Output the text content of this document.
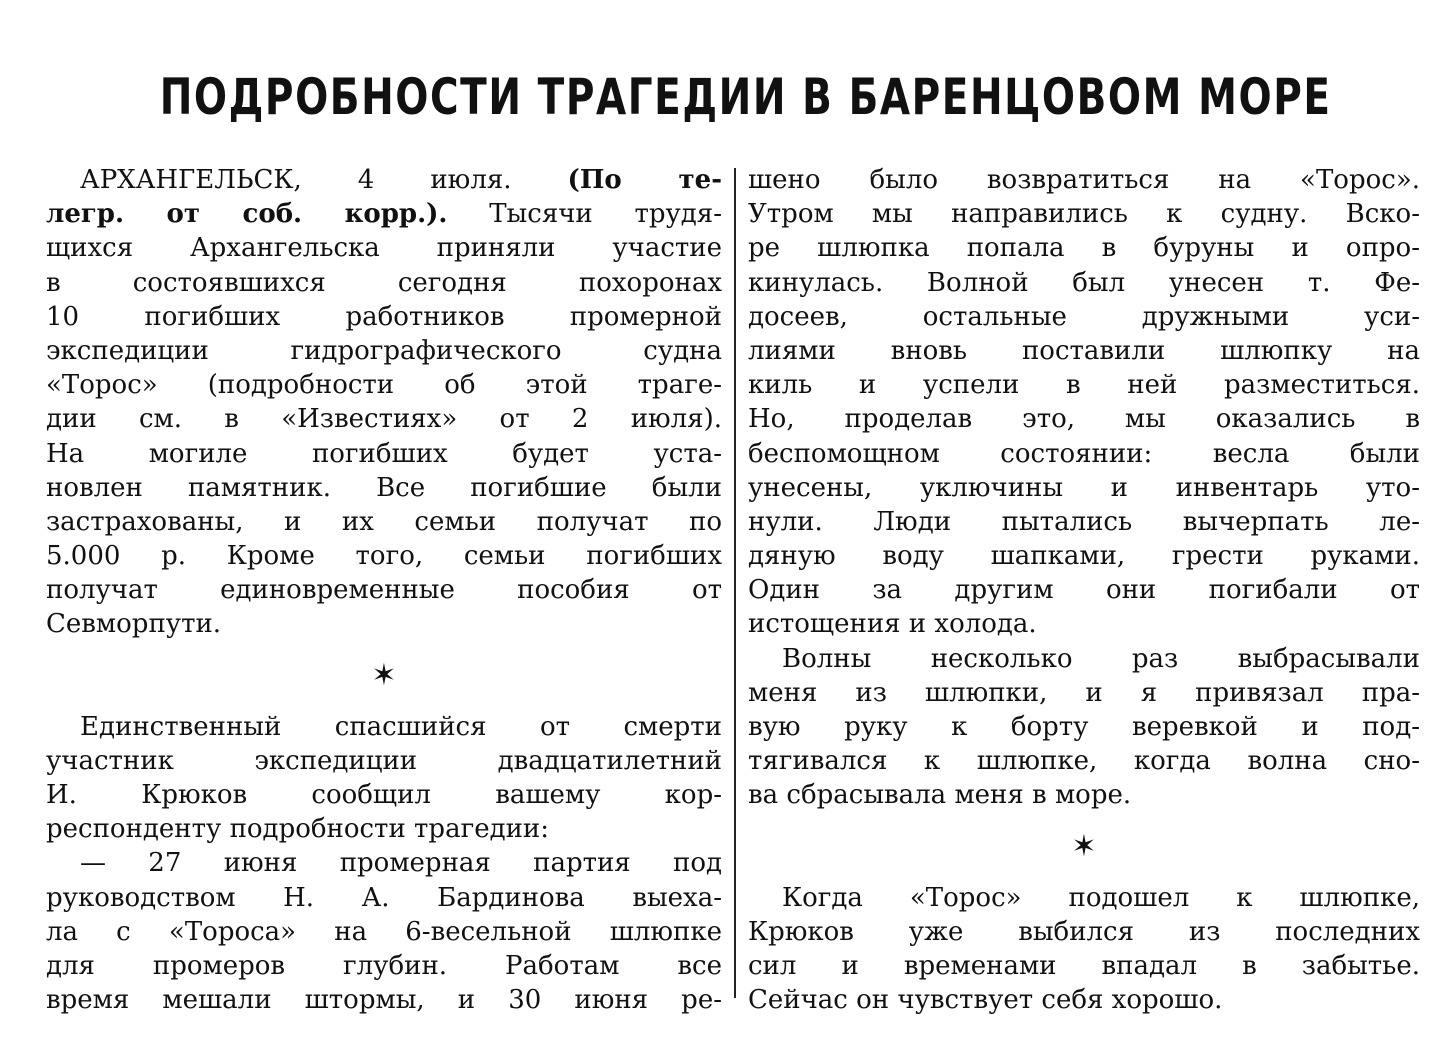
ПОДРОБНОСТИ ТРАГЕДИИ В БАРЕНЦОВОМ МОРЕ
АРХАНГЕЛЬСК, 4 июля. (По те-
легр. от соб. корр.). Тысячи трудя-
щихся Архангельска приняли участие
в состоявшихся сегодня похоронах
10 погибших работников промерной
экспедиции гидрографического судна
«Торос» (подробности об этой траге-
дии см. в «Известиях» от 2 июля).
На могиле погибших будет уста-
новлен памятник. Все погибшие были
застрахованы, и их семьи получат по
5.000 р. Кроме того, семьи погибших
получат единовременные пособия от
Севморпути.
✶
Единственный спасшийся от смерти
участник экспедиции двадцатилетний
И. Крюков сообщил вашему кор-
респонденту подробности трагедии:
— 27 июня промерная партия под
руководством Н. А. Бардинова выеха-
ла с «Тороса» на 6-весельной шлюпке
для промеров глубин. Работам все
время мешали штормы, и 30 июня ре-
шено было возвратиться на «Торос».
Утром мы направились к судну. Вско-
ре шлюпка попала в буруны и опро-
кинулась. Волной был унесен т. Фе-
досеев, остальные дружными уси-
лиями вновь поставили шлюпку на
киль и успели в ней разместиться.
Но, проделав это, мы оказались в
беспомощном состоянии: весла были
унесены, уключины и инвентарь уто-
нули. Люди пытались вычерпать ле-
дяную воду шапками, грести руками.
Один за другим они погибали от
истощения и холода.
Волны несколько раз выбрасывали
меня из шлюпки, и я привязал пра-
вую руку к борту веревкой и под-
тягивался к шлюпке, когда волна сно-
ва сбрасывала меня в море.
✶
Когда «Торос» подошел к шлюпке,
Крюков уже выбился из последних
сил и временами впадал в забытье.
Сейчас он чувствует себя хорошо.
